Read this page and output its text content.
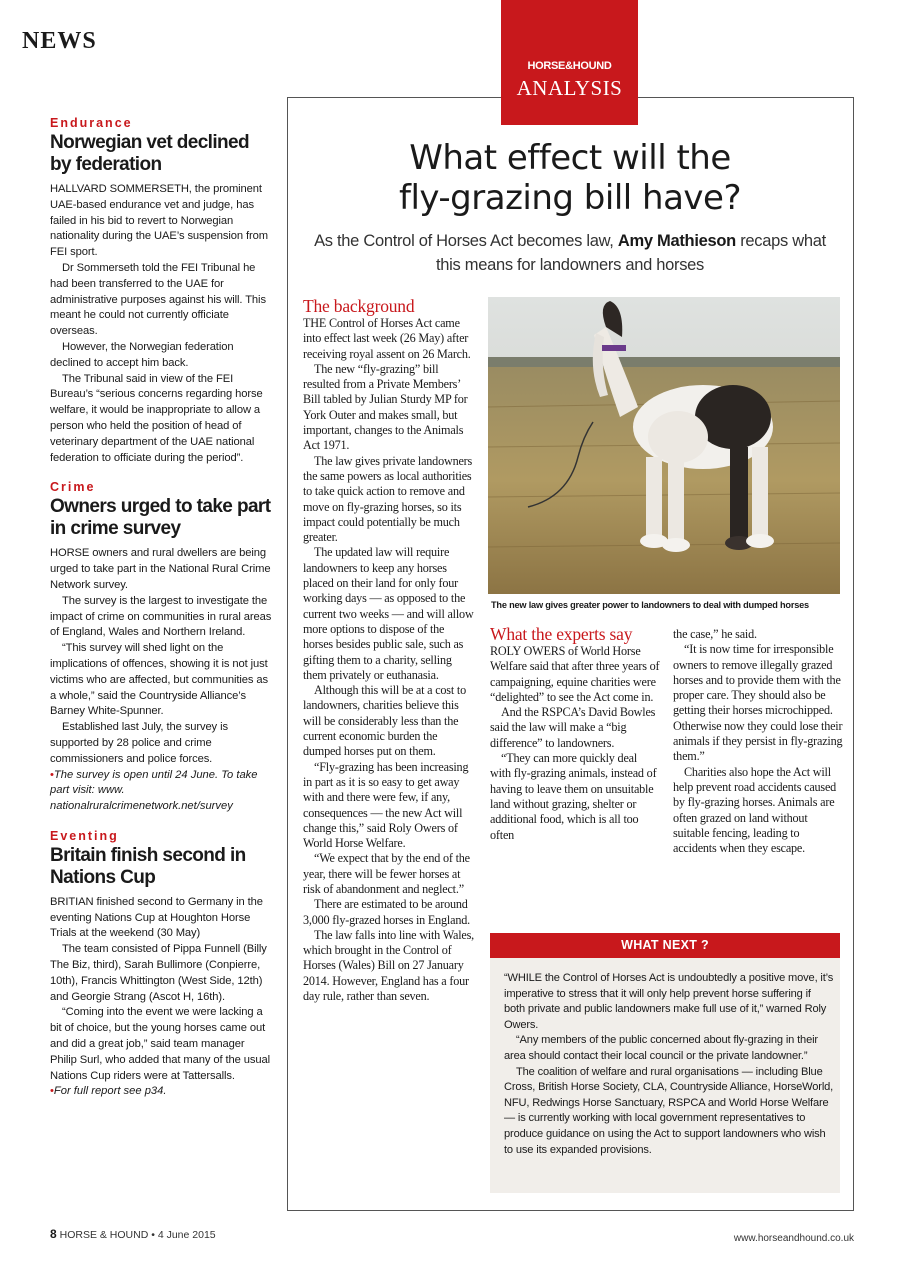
NEWS
Endurance
Norwegian vet declined by federation

HALLVARD SOMMERSETH, the prominent UAE-based endurance vet and judge, has failed in his bid to revert to Norwegian nationality during the UAE’s suspension from FEI sport.

Dr Sommerseth told the FEI Tribunal he had been transferred to the UAE for administrative purposes against his will. This meant he could not currently officiate overseas.

However, the Norwegian federation declined to accept him back.

The Tribunal said in view of the FEI Bureau’s “serious concerns regarding horse welfare, it would be inappropriate to allow a person who held the position of head of veterinary department of the UAE national federation to officiate during the period”.

Crime
Owners urged to take part in crime survey

HORSE owners and rural dwellers are being urged to take part in the National Rural Crime Network survey.

The survey is the largest to investigate the impact of crime on communities in rural areas of England, Wales and Northern Ireland.

“This survey will shed light on the implications of offences, showing it is not just victims who are affected, but communities as a whole,” said the Countryside Alliance’s Barney White-Spunner.

Established last July, the survey is supported by 28 police and crime commissioners and police forces.

•The survey is open until 24 June. To take part visit: www. nationalruralcrimenetwork.net/survey
Eventing
Britain finish second in Nations Cup

BRITIAN finished second to Germany in the eventing Nations Cup at Houghton Horse Trials at the weekend (30 May)

The team consisted of Pippa Funnell (Billy The Biz, third), Sarah Bullimore (Conpierre, 10th), Francis Whittington (West Side, 12th) and Georgie Strang (Ascot H, 16th).

“Coming into the event we were lacking a bit of choice, but the young horses came out and did a great job,” said team manager Philip Surl, who added that many of the usual Nations Cup riders were at Tattersalls.

•For full report see p34.
HORSE&HOUND
ANALYSIS
What effect will the
fly-grazing bill have?
As the Control of Horses Act becomes law, Amy Mathieson recaps what this means for landowners and horses
The background

THE Control of Horses Act came into effect last week (26 May) after receiving royal assent on 26 March.

The new “fly-grazing” bill resulted from a Private Members’ Bill tabled by Julian Sturdy MP for York Outer and makes small, but important, changes to the Animals Act 1971.

The law gives private landowners the same powers as local authorities to take quick action to remove and move on fly-grazing horses, so its impact could potentially be much greater.

The updated law will require landowners to keep any horses placed on their land for only four working days — as opposed to the current two weeks — and will allow more options to dispose of the horses besides public sale, such as gifting them to a charity, selling them privately or euthanasia.

Although this will be at a cost to landowners, charities believe this will be considerably less than the current economic burden the dumped horses put on them.

“Fly-grazing has been increasing in part as it is so easy to get away with and there were few, if any, consequences — the new Act will change this,” said Roly Owers of World Horse Welfare.

“We expect that by the end of the year, there will be fewer horses at risk of abandonment and neglect.”

There are estimated to be around 3,000 fly-grazed horses in England.

The law falls into line with Wales, which brought in the Control of Horses (Wales) Bill on 27 January 2014. However, England has a four day rule, rather than seven.

The new law gives greater power to landowners to deal with dumped horses
What the experts say

ROLY OWERS of World Horse Welfare said that after three years of campaigning, equine charities were “delighted” to see the Act come in.

And the RSPCA’s David Bowles said the law will make a “big difference” to landowners.

“They can more quickly deal with fly-grazing animals, instead of having to leave them on unsuitable land without grazing, shelter or additional food, which is all too often

the case,” he said.

“It is now time for irresponsible owners to remove illegally grazed horses and to provide them with the proper care. They should also be getting their horses microchipped. Otherwise now they could lose their animals if they persist in fly-grazing them.”

Charities also hope the Act will help prevent road accidents caused by fly-grazing horses. Animals are often grazed on land without suitable fencing, leading to accidents when they escape.

WHAT NEXT ?

“WHILE the Control of Horses Act is undoubtedly a positive move, it’s imperative to stress that it will only help prevent horse suffering if both private and public landowners make full use of it,” warned Roly Owers.

“Any members of the public concerned about fly-grazing in their area should contact their local council or the private landowner.”

The coalition of welfare and rural organisations — including Blue Cross, British Horse Society, CLA, Countryside Alliance, HorseWorld, NFU, Redwings Horse Sanctuary, RSPCA and World Horse Welfare — is currently working with local government representatives to produce guidance on using the Act to support landowners who wish to use its expanded provisions.

8 HORSE & HOUND • 4 June 2015	www.horseandhound.co.uk
